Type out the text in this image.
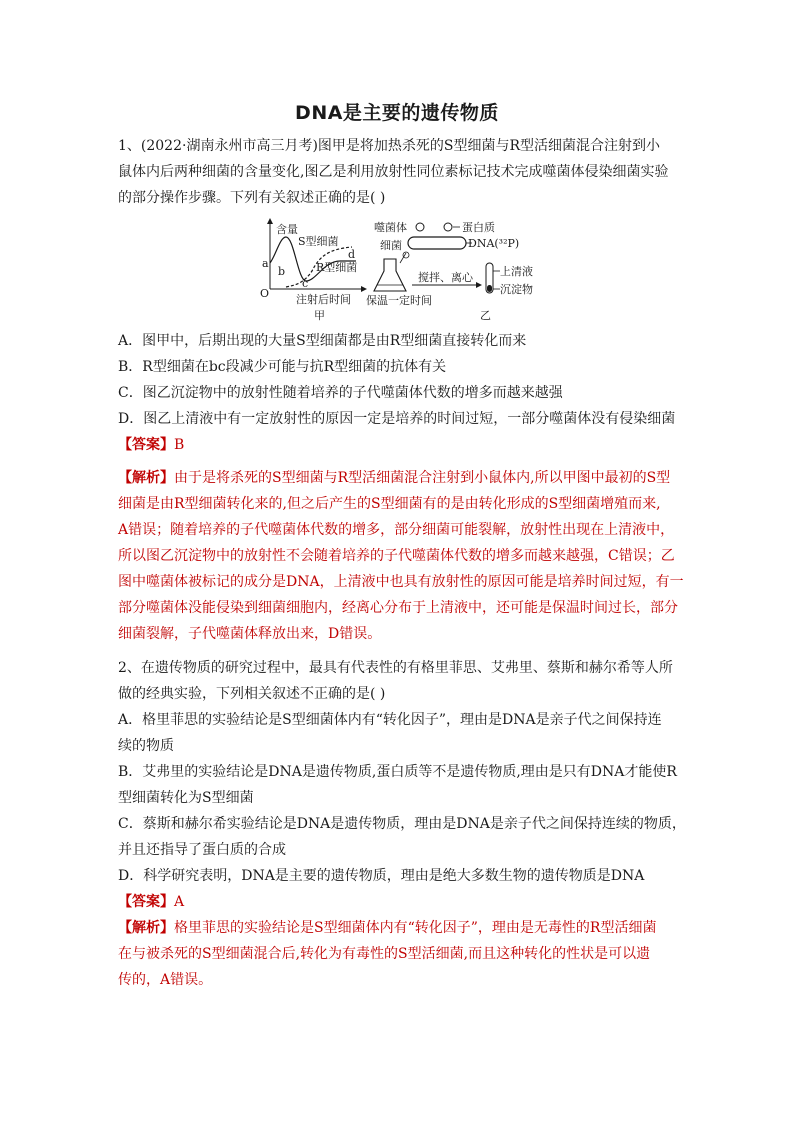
DNA是主要的遗传物质
1、(2022·湖南永州市高三月考)图甲是将加热杀死的S型细菌与R型活细菌混合注射到小
鼠体内后两种细菌的含量变化,图乙是利用放射性同位素标记技术完成噬菌体侵染细菌实验
的部分操作步骤。下列有关叙述正确的是( )
含量
S型细菌
R型细菌
O
a
b
c
d
注射后时间
甲
噬菌体
细菌
蛋白质
DNA(³²P)
保温一定时间
搅拌、离心 上清液
沉淀物
乙
A．图甲中，后期出现的大量S型细菌都是由R型细菌直接转化而来
B．R型细菌在bc段减少可能与抗R型细菌的抗体有关
C．图乙沉淀物中的放射性随着培养的子代噬菌体代数的增多而越来越强
D．图乙上清液中有一定放射性的原因一定是培养的时间过短，一部分噬菌体没有侵染细菌
【答案】B
【解析】由于是将杀死的S型细菌与R型活细菌混合注射到小鼠体内,所以甲图中最初的S型
细菌是由R型细菌转化来的,但之后产生的S型细菌有的是由转化形成的S型细菌增殖而来,
A错误；随着培养的子代噬菌体代数的增多，部分细菌可能裂解，放射性出现在上清液中，
所以图乙沉淀物中的放射性不会随着培养的子代噬菌体代数的增多而越来越强，C错误；乙
图中噬菌体被标记的成分是DNA，上清液中也具有放射性的原因可能是培养时间过短，有一
部分噬菌体没能侵染到细菌细胞内，经离心分布于上清液中，还可能是保温时间过长，部分
细菌裂解，子代噬菌体释放出来，D错误。
2、在遗传物质的研究过程中，最具有代表性的有格里菲思、艾弗里、蔡斯和赫尔希等人所
做的经典实验，下列相关叙述不正确的是( )
A．格里菲思的实验结论是S型细菌体内有“转化因子”，理由是DNA是亲子代之间保持连
续的物质
B．艾弗里的实验结论是DNA是遗传物质,蛋白质等不是遗传物质,理由是只有DNA才能使R
型细菌转化为S型细菌
C．蔡斯和赫尔希实验结论是DNA是遗传物质，理由是DNA是亲子代之间保持连续的物质，
并且还指导了蛋白质的合成
D．科学研究表明，DNA是主要的遗传物质，理由是绝大多数生物的遗传物质是DNA
【答案】A
【解析】格里菲思的实验结论是S型细菌体内有“转化因子”，理由是无毒性的R型活细菌
在与被杀死的S型细菌混合后,转化为有毒性的S型活细菌,而且这种转化的性状是可以遗
传的，A错误。
